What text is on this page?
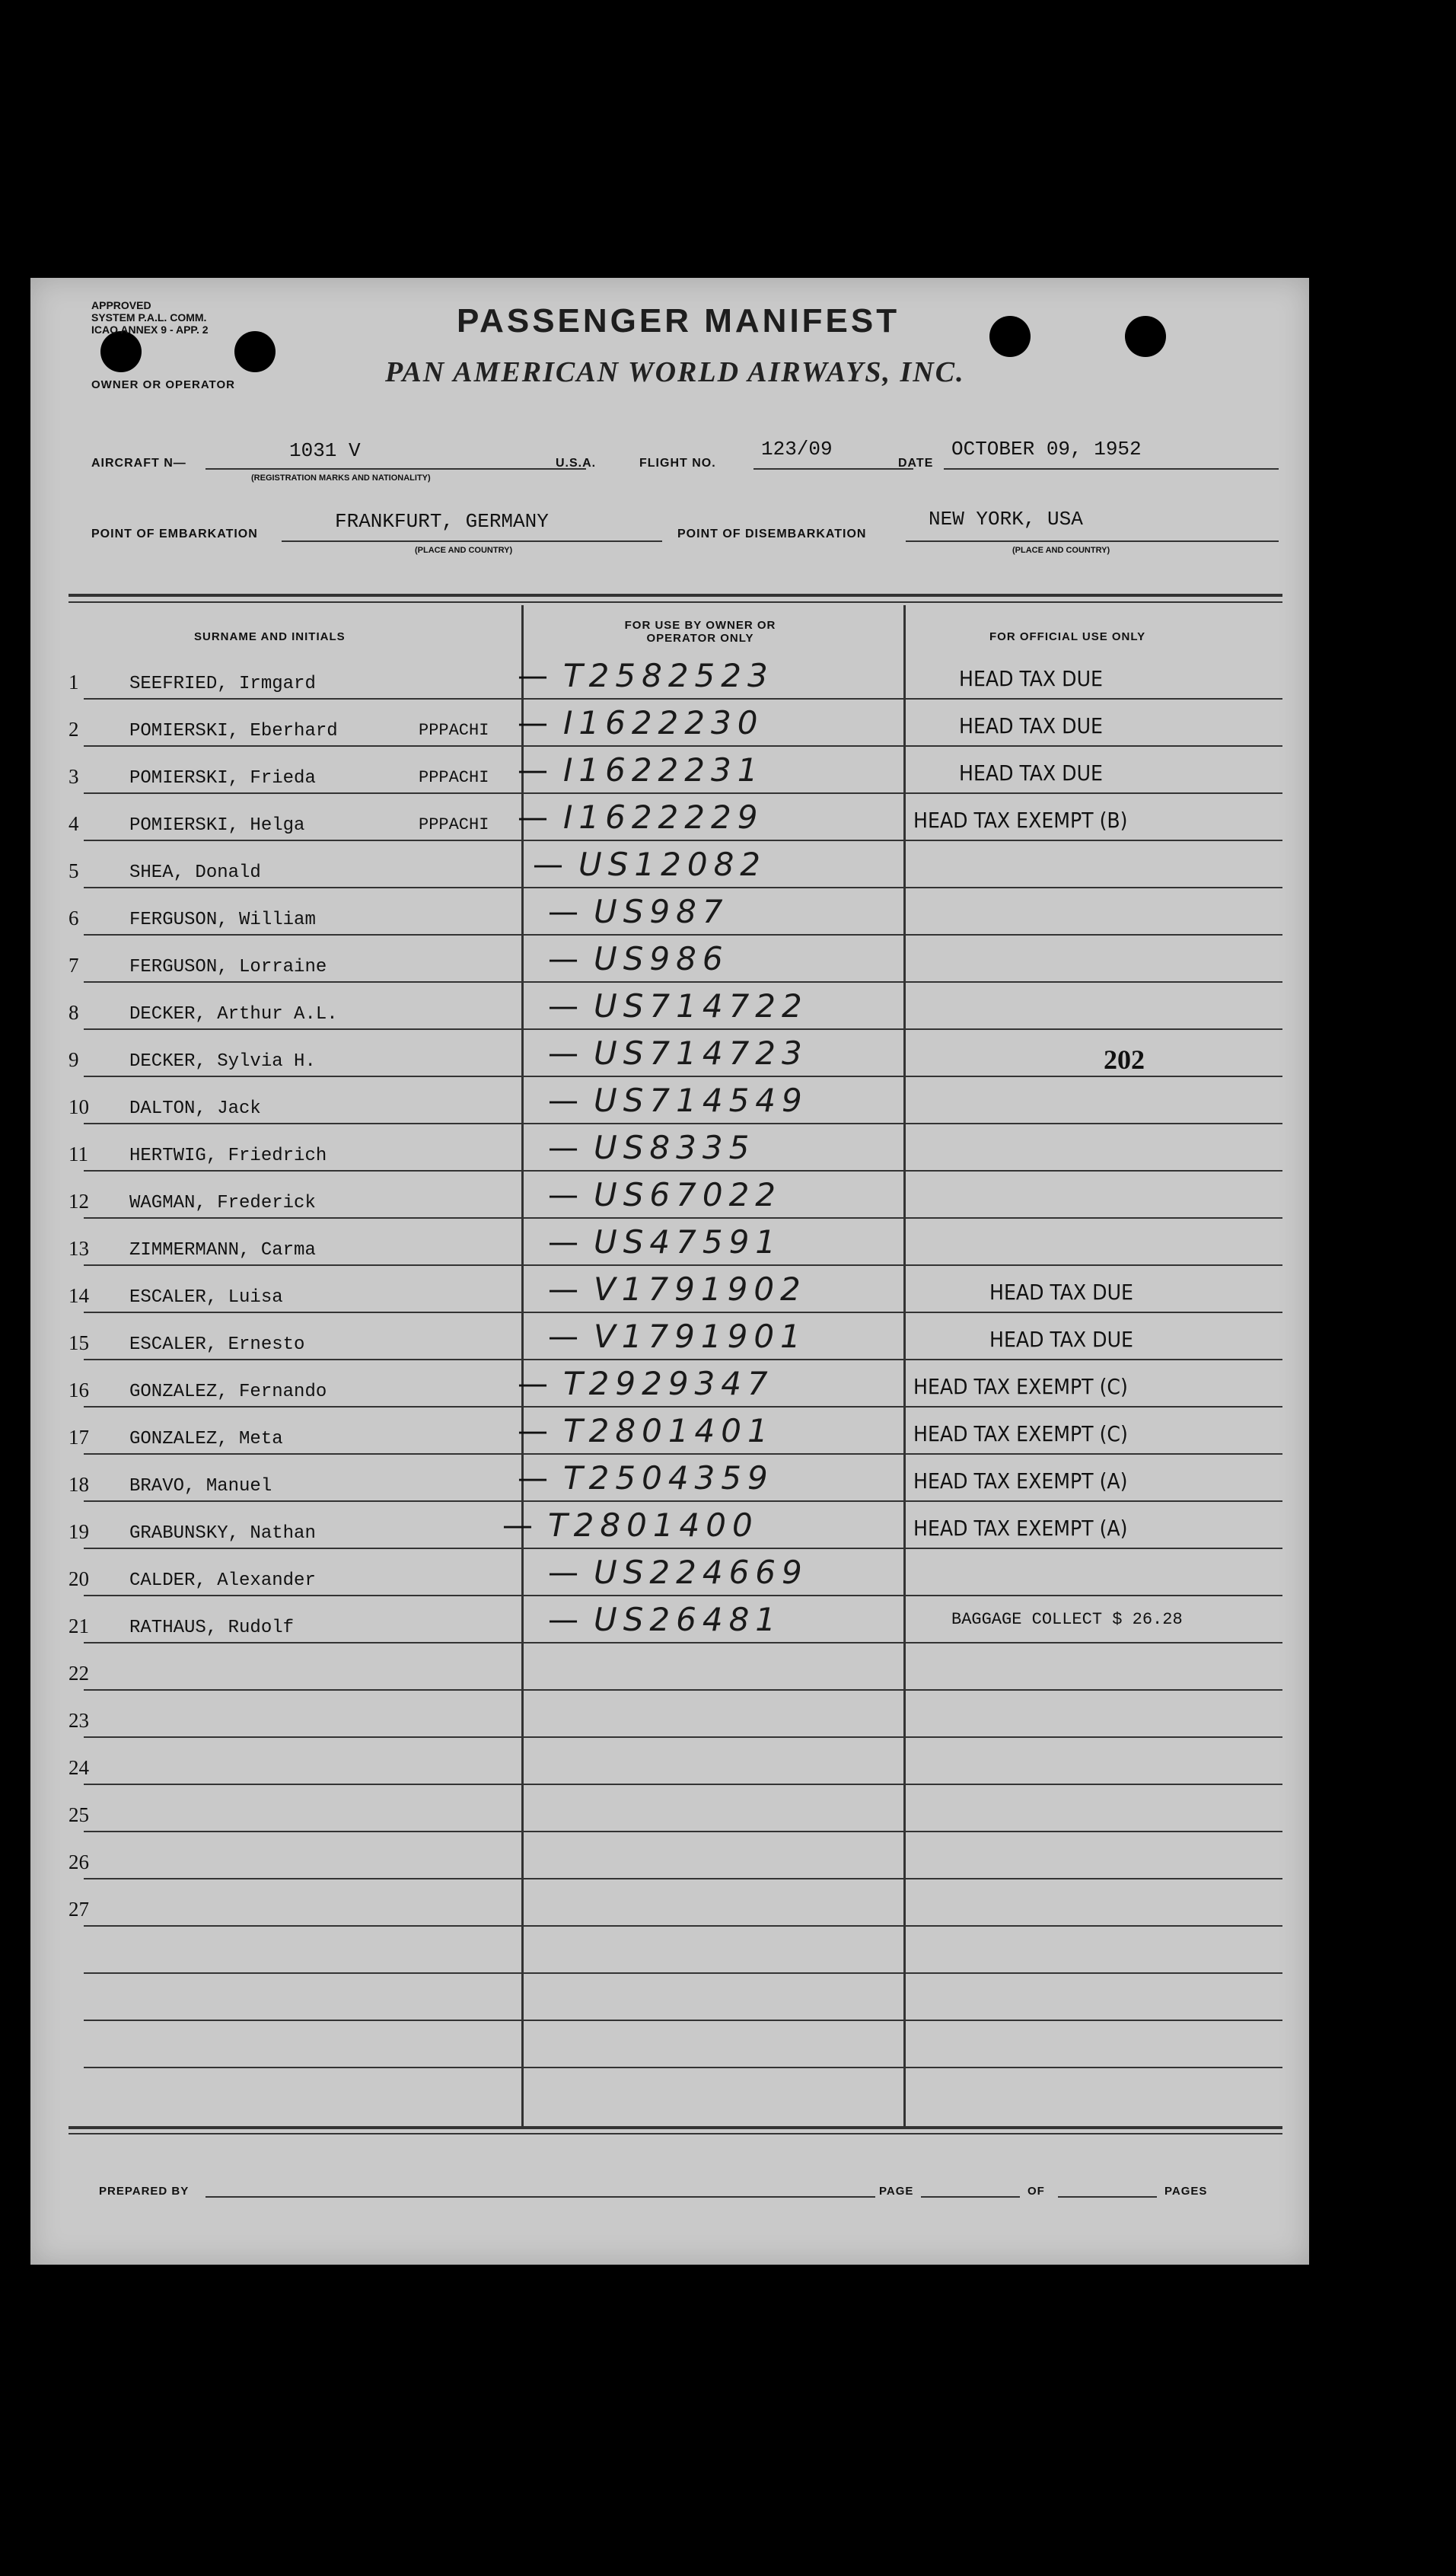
APPROVED
SYSTEM P.A.L. COMM.
ICAO ANNEX 9 - APP. 2
OWNER OR OPERATOR
PASSENGER MANIFEST
PAN AMERICAN WORLD AIRWAYS, INC.
AIRCRAFT N—
1031 V
(REGISTRATION MARKS AND NATIONALITY)
U.S.A.	FLIGHT NO.
123/09
DATE
OCTOBER 09, 1952
POINT OF EMBARKATION
FRANKFURT, GERMANY
(PLACE AND COUNTRY)
POINT OF DISEMBARKATION
NEW YORK, USA
(PLACE AND COUNTRY)
SURNAME AND INITIALS
FOR USE BY OWNER OR OPERATOR ONLY	FOR OFFICIAL USE ONLY
1	SEEFRIED, Irmgard	— T2582523	HEAD TAX DUE
2	POMIERSKI, Eberhard	PPPACHI — I1622230	HEAD TAX DUE
3	POMIERSKI, Frieda	PPPACHI — I1622231	HEAD TAX DUE
4	POMIERSKI, Helga	PPPACHI — I1622229	HEAD TAX EXEMPT (B)
5	SHEA, Donald	— US12082
6	FERGUSON, William	— US987
7	FERGUSON, Lorraine	— US986
8	DECKER, Arthur A.L.	— US714722
9	DECKER, Sylvia H.	— US714723	202
10 DALTON, Jack	— US714549
11 HERTWIG, Friedrich	— US8335
12 WAGMAN, Frederick	— US67022
13 ZIMMERMANN, Carma	— US47591
14 ESCALER, Luisa	— V1791902	HEAD TAX DUE
15 ESCALER, Ernesto	— V1791901	HEAD TAX DUE
16 GONZALEZ, Fernando	— T2929347	HEAD TAX EXEMPT (C)
17 GONZALEZ, Meta	— T2801401	HEAD TAX EXEMPT (C)
18 BRAVO, Manuel	— T2504359	HEAD TAX EXEMPT (A)
19 GRABUNSKY, Nathan	— T2801400	HEAD TAX EXEMPT (A)
20 CALDER, Alexander	— US224669
21 RATHAUS, Rudolf	— US26481	BAGGAGE COLLECT $ 26.28
22
23
24
25
26
27
PREPARED BY	PAGE	OF	PAGES
